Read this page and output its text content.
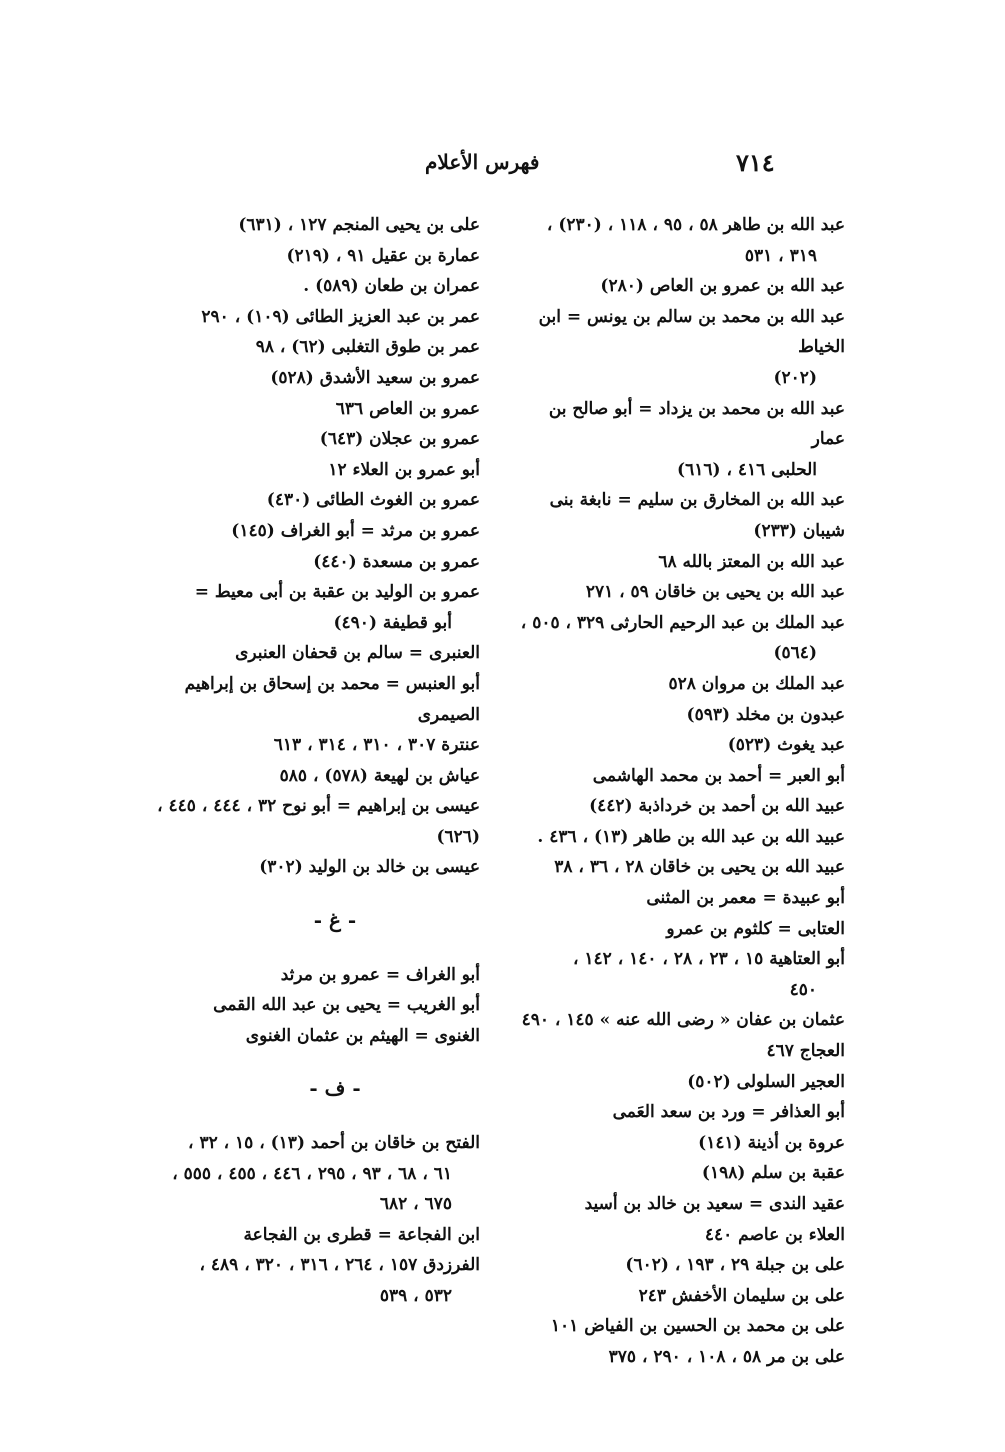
٧١٤
فهرس الأعلام

عبد الله بن طاهر ٥٨ ، ٩٥ ، ١١٨ ، (٢٣٠) ،
٣١٩ ، ٥٣١

عبد الله بن عمرو بن العاص (٢٨٠)

عبد الله بن محمد بن سالم بن يونس = ابن الخياط
(٢٠٢)

عبد الله بن محمد بن يزداد = أبو صالح بن عمار
الحلبى ٤١٦ ، (٦١٦)

عبد الله بن المخارق بن سليم = نابغة بنى شيبان (٢٣٣)

عبد الله بن المعتز بالله ٦٨

عبد الله بن يحيى بن خاقان ٥٩ ، ٢٧١

عبد الملك بن عبد الرحيم الحارثى ٣٢٩ ، ٥٠٥ ،
(٥٦٤)

عبد الملك بن مروان ٥٢٨

عبدون بن مخلد (٥٩٣)

عبد يغوث (٥٢٣)

أبو العبر = أحمد بن محمد الهاشمى

عبيد الله بن أحمد بن خرداذبة (٤٤٢)

عبيد الله بن عبد الله بن طاهر (١٣) ، ٤٣٦ .

عبيد الله بن يحيى بن خاقان ٢٨ ، ٣٦ ، ٣٨

أبو عبيدة = معمر بن المثنى

العتابى = كلثوم بن عمرو

أبو العتاهية ١٥ ، ٢٣ ، ٢٨ ، ١٤٠ ، ١٤٢ ،
٤٥٠

عثمان بن عفان « رضى الله عنه » ١٤٥ ، ٤٩٠

العجاج ٤٦٧

العجير السلولى (٥٠٢)

أبو العذافر = ورد بن سعد العَمى

عروة بن أذينة (١٤١)

عقبة بن سلم (١٩٨)

عقيد الندى = سعيد بن خالد بن أسيد

العلاء بن عاصم ٤٤٠

على بن جبلة ٢٩ ، ١٩٣ ، (٦٠٢)

على بن سليمان الأخفش ٢٤٣

على بن محمد بن الحسين بن الفياض ١٠١

على بن مر ٥٨ ، ١٠٨ ، ٢٩٠ ، ٣٧٥

على بن يحيى المنجم ١٢٧ ، (٦٣١)

عمارة بن عقيل ٩١ ، (٢١٩)

عمران بن طعان (٥٨٩) .

عمر بن عبد العزيز الطائى (١٠٩) ، ٢٩٠

عمر بن طوق التغلبى (٦٢) ، ٩٨

عمرو بن سعيد الأشدق (٥٢٨)

عمرو بن العاص ٦٣٦

عمرو بن عجلان (٦٤٣)

أبو عمرو بن العلاء ١٢

عمرو بن الغوث الطائى (٤٣٠)

عمرو بن مرثد = أبو الغراف (١٤٥)

عمرو بن مسعدة (٤٤٠)

عمرو بن الوليد بن عقبة بن أبى معيط =
أبو قطيفة (٤٩٠)

العنبرى = سالم بن قحفان العنبرى

أبو العنبس = محمد بن إسحاق بن إبراهيم الصيمرى

عنترة ٣٠٧ ، ٣١٠ ، ٣١٤ ، ٦١٣

عياش بن لهيعة (٥٧٨) ، ٥٨٥

عيسى بن إبراهيم = أبو نوح ٣٢ ، ٤٤٤ ، ٤٤٥ ، (٦٢٦)

عيسى بن خالد بن الوليد (٣٠٢)

- غ -

أبو الغراف = عمرو بن مرثد

أبو الغريب = يحيى بن عبد الله القمى

الغنوى = الهيثم بن عثمان الغنوى

- ف -

الفتح بن خاقان بن أحمد (١٣) ، ١٥ ، ٣٢ ،
٦١ ، ٦٨ ، ٩٣ ، ٢٩٥ ، ٤٤٦ ، ٤٥٥ ، ٥٥٥ ، ٦٧٥ ، ٦٨٢

ابن الفجاعة = قطرى بن الفجاعة

الفرزدق ١٥٧ ، ٢٦٤ ، ٣١٦ ، ٣٢٠ ، ٤٨٩ ،
٥٣٢ ، ٥٣٩
